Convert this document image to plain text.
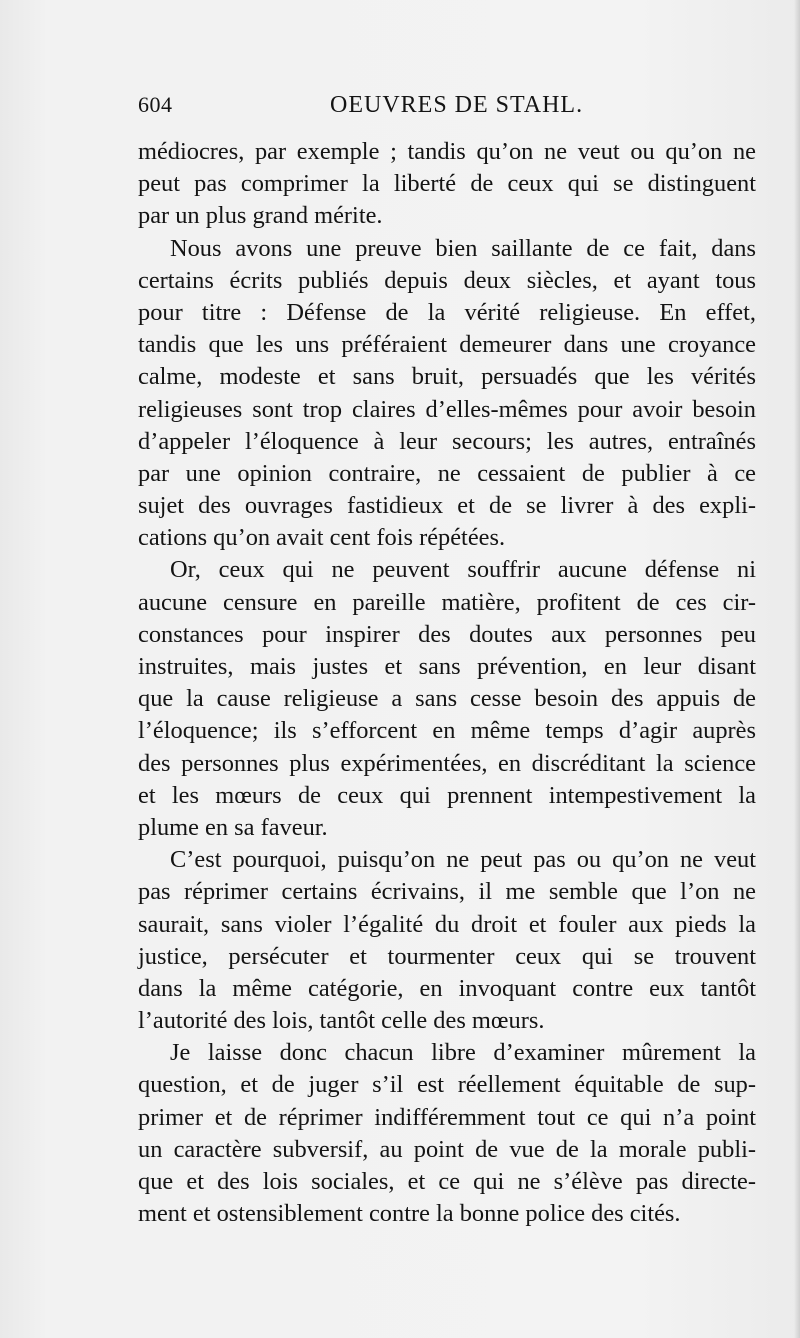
604	OEUVRES DE STAHL.
médiocres, par exemple ; tandis qu’on ne veut ou qu’on ne
peut pas comprimer la liberté de ceux qui se distinguent
par un plus grand mérite.
Nous avons une preuve bien saillante de ce fait, dans
certains écrits publiés depuis deux siècles, et ayant tous
pour titre : Défense de la vérité religieuse. En effet,
tandis que les uns préféraient demeurer dans une croyance
calme, modeste et sans bruit, persuadés que les vérités
religieuses sont trop claires d’elles-mêmes pour avoir besoin
d’appeler l’éloquence à leur secours; les autres, entraînés
par une opinion contraire, ne cessaient de publier à ce
sujet des ouvrages fastidieux et de se livrer à des expli-
cations qu’on avait cent fois répétées.
Or, ceux qui ne peuvent souffrir aucune défense ni
aucune censure en pareille matière, profitent de ces cir-
constances pour inspirer des doutes aux personnes peu
instruites, mais justes et sans prévention, en leur disant
que la cause religieuse a sans cesse besoin des appuis de
l’éloquence; ils s’efforcent en même temps d’agir auprès
des personnes plus expérimentées, en discréditant la science
et les mœurs de ceux qui prennent intempestivement la
plume en sa faveur.
C’est pourquoi, puisqu’on ne peut pas ou qu’on ne veut
pas réprimer certains écrivains, il me semble que l’on ne
saurait, sans violer l’égalité du droit et fouler aux pieds la
justice, persécuter et tourmenter ceux qui se trouvent
dans la même catégorie, en invoquant contre eux tantôt
l’autorité des lois, tantôt celle des mœurs.
Je laisse donc chacun libre d’examiner mûrement la
question, et de juger s’il est réellement équitable de sup-
primer et de réprimer indifféremment tout ce qui n’a point
un caractère subversif, au point de vue de la morale publi-
que et des lois sociales, et ce qui ne s’élève pas directe-
ment et ostensiblement contre la bonne police des cités.
